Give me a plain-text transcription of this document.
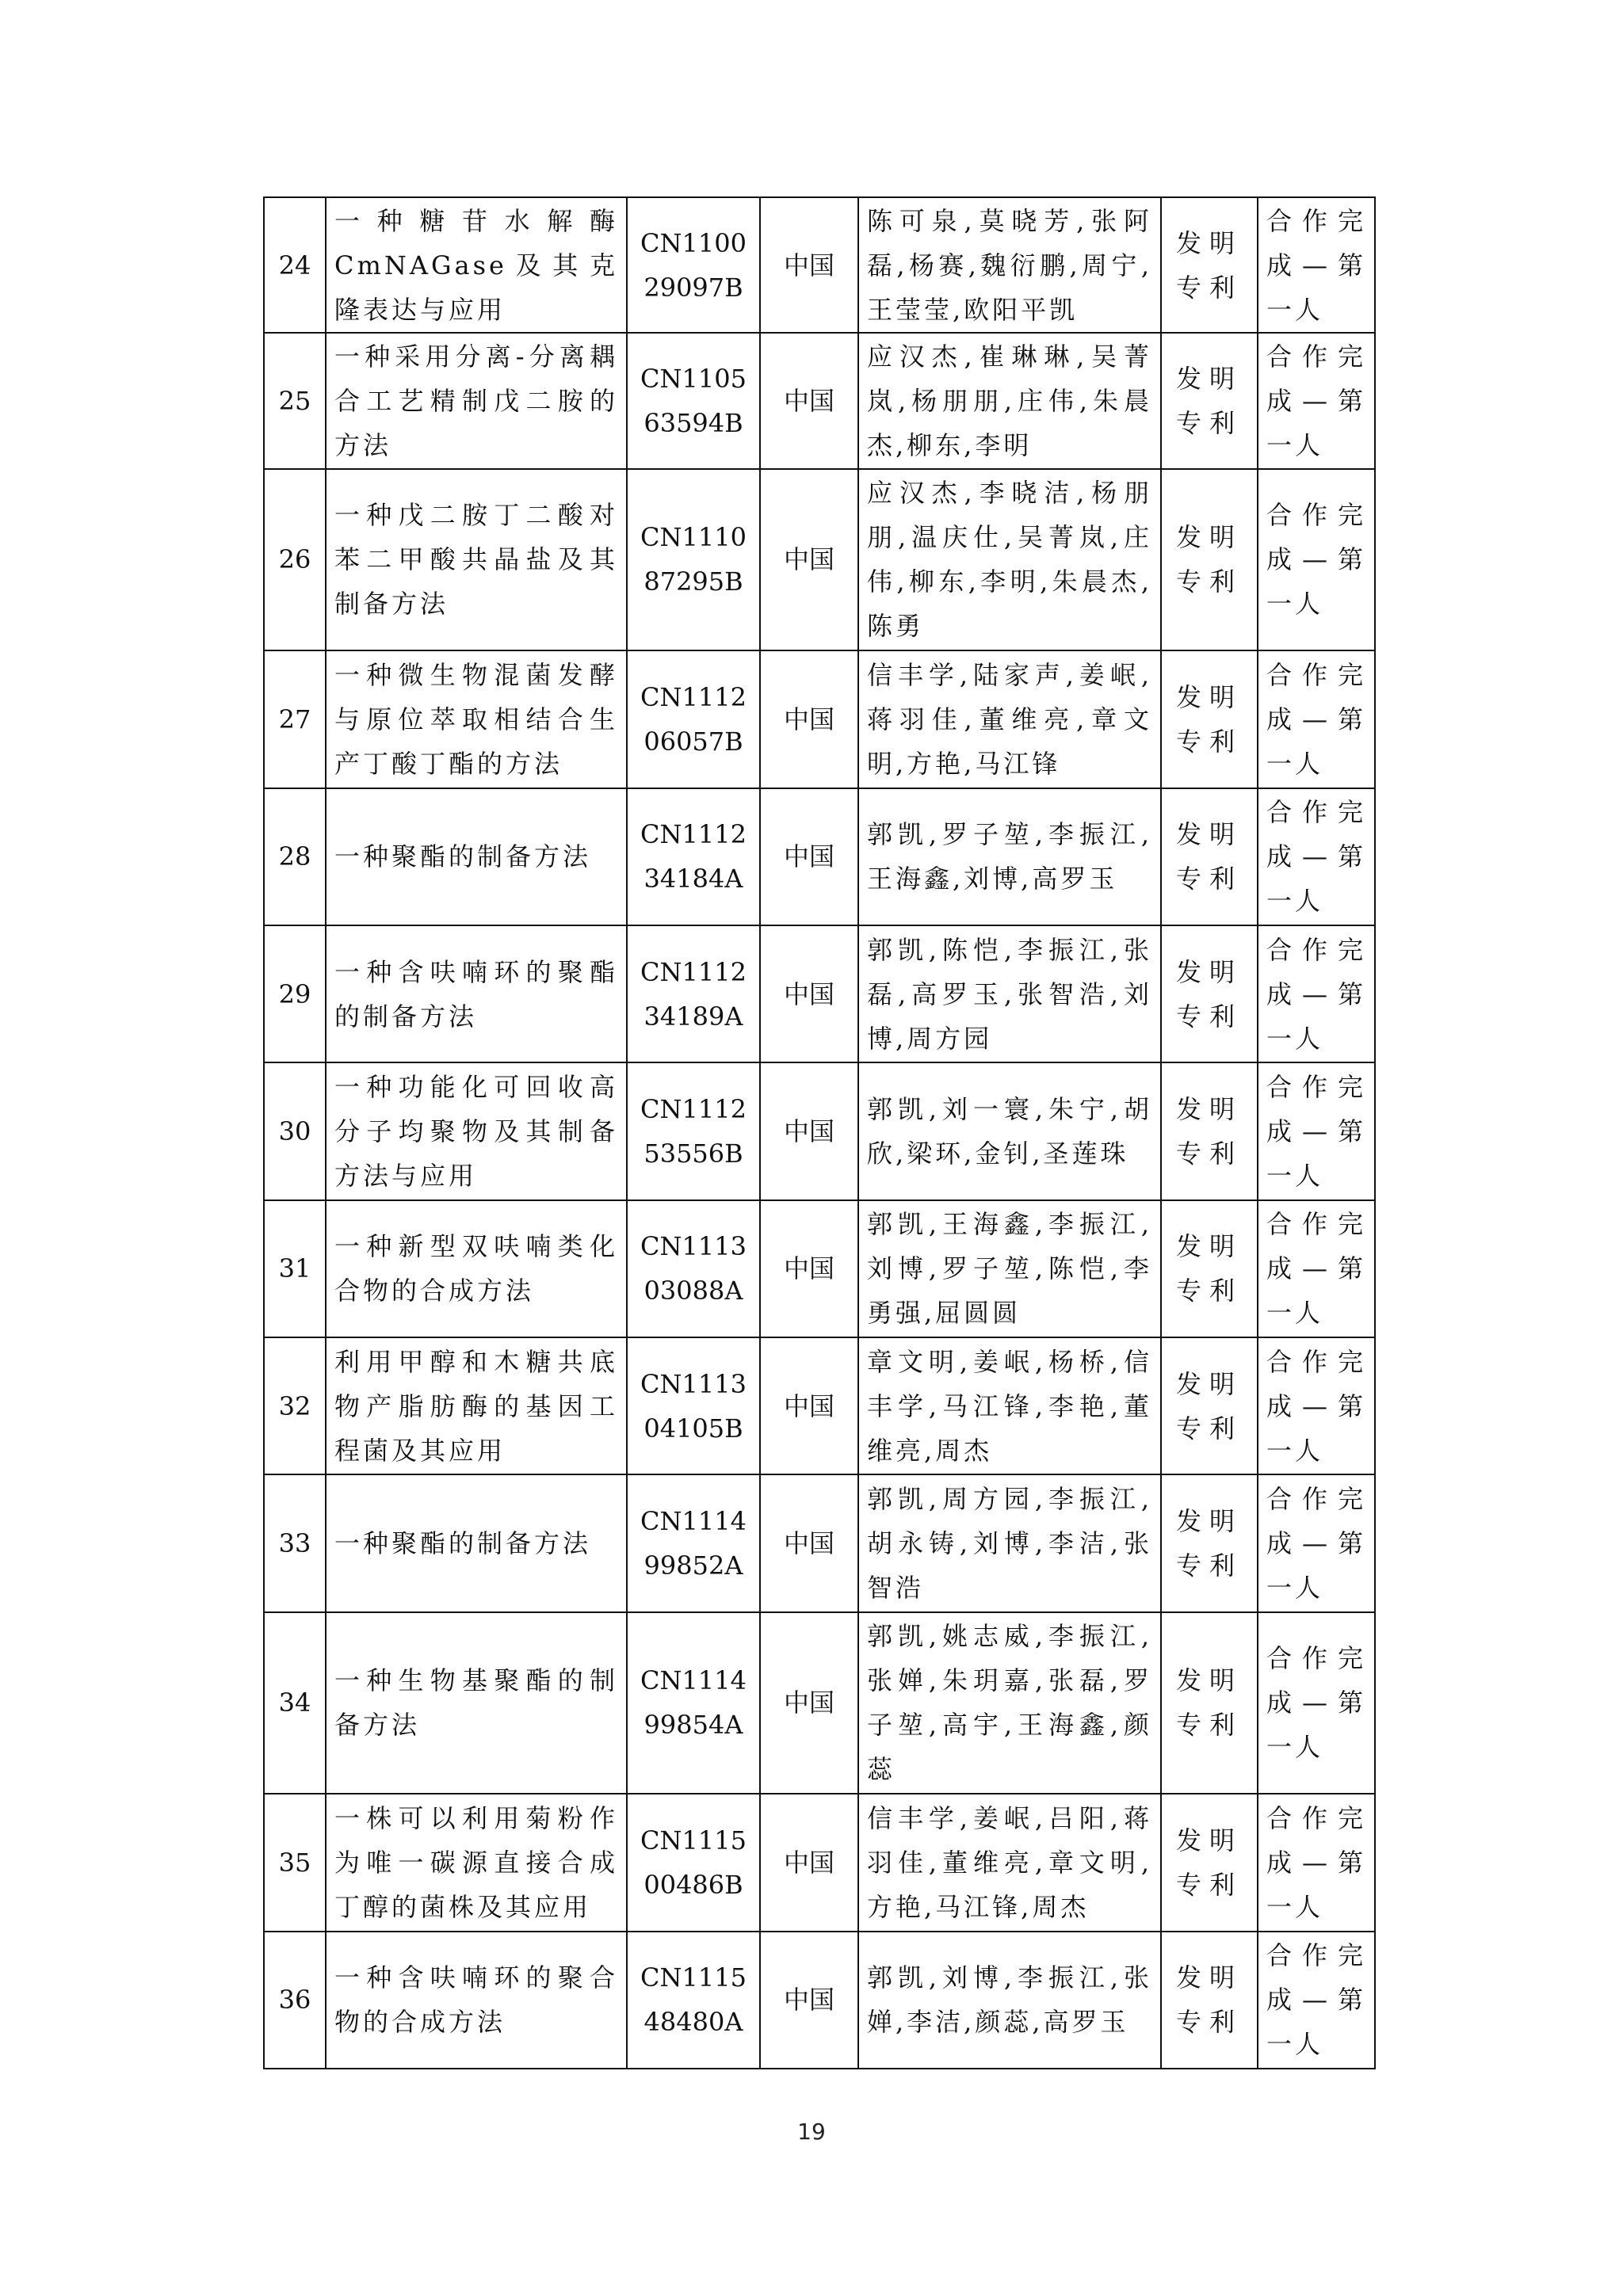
24	一种糖苷水解酶CmNAGase及其克隆表达与应用	CN110029097B	中国	陈可泉,莫晓芳,张阿磊,杨赛,魏衍鹏,周宁,王莹莹,欧阳平凯	发明专利	合作完成—第一人
25	一种采用分离-分离耦合工艺精制戊二胺的方法	CN110563594B	中国	应汉杰,崔琳琳,吴菁岚,杨朋朋,庄伟,朱晨杰,柳东,李明	发明专利	合作完成—第一人
26	一种戊二胺丁二酸对苯二甲酸共晶盐及其制备方法	CN111087295B	中国	应汉杰,李晓洁,杨朋朋,温庆仕,吴菁岚,庄伟,柳东,李明,朱晨杰,陈勇	发明专利	合作完成—第一人
27	一种微生物混菌发酵与原位萃取相结合生产丁酸丁酯的方法	CN111206057B	中国	信丰学,陆家声,姜岷,蒋羽佳,董维亮,章文明,方艳,马江锋	发明专利	合作完成—第一人
28	一种聚酯的制备方法	CN111234184A	中国	郭凯,罗子堃,李振江,王海鑫,刘博,高罗玉	发明专利	合作完成—第一人
29	一种含呋喃环的聚酯的制备方法	CN111234189A	中国	郭凯,陈恺,李振江,张磊,高罗玉,张智浩,刘博,周方园	发明专利	合作完成—第一人
30	一种功能化可回收高分子均聚物及其制备方法与应用	CN111253556B	中国	郭凯,刘一寰,朱宁,胡欣,梁环,金钊,圣莲珠	发明专利	合作完成—第一人
31	一种新型双呋喃类化合物的合成方法	CN111303088A	中国	郭凯,王海鑫,李振江,刘博,罗子堃,陈恺,李勇强,屈圆圆	发明专利	合作完成—第一人
32	利用甲醇和木糖共底物产脂肪酶的基因工程菌及其应用	CN111304105B	中国	章文明,姜岷,杨桥,信丰学,马江锋,李艳,董维亮,周杰	发明专利	合作完成—第一人
33	一种聚酯的制备方法	CN111499852A	中国	郭凯,周方园,李振江,胡永铸,刘博,李洁,张智浩	发明专利	合作完成—第一人
34	一种生物基聚酯的制备方法	CN111499854A	中国	郭凯,姚志威,李振江,张婵,朱玥嘉,张磊,罗子堃,高宇,王海鑫,颜蕊	发明专利	合作完成—第一人
35	一株可以利用菊粉作为唯一碳源直接合成丁醇的菌株及其应用	CN111500486B	中国	信丰学,姜岷,吕阳,蒋羽佳,董维亮,章文明,方艳,马江锋,周杰	发明专利	合作完成—第一人
36	一种含呋喃环的聚合物的合成方法	CN111548480A	中国	郭凯,刘博,李振江,张婵,李洁,颜蕊,高罗玉	发明专利	合作完成—第一人
19
